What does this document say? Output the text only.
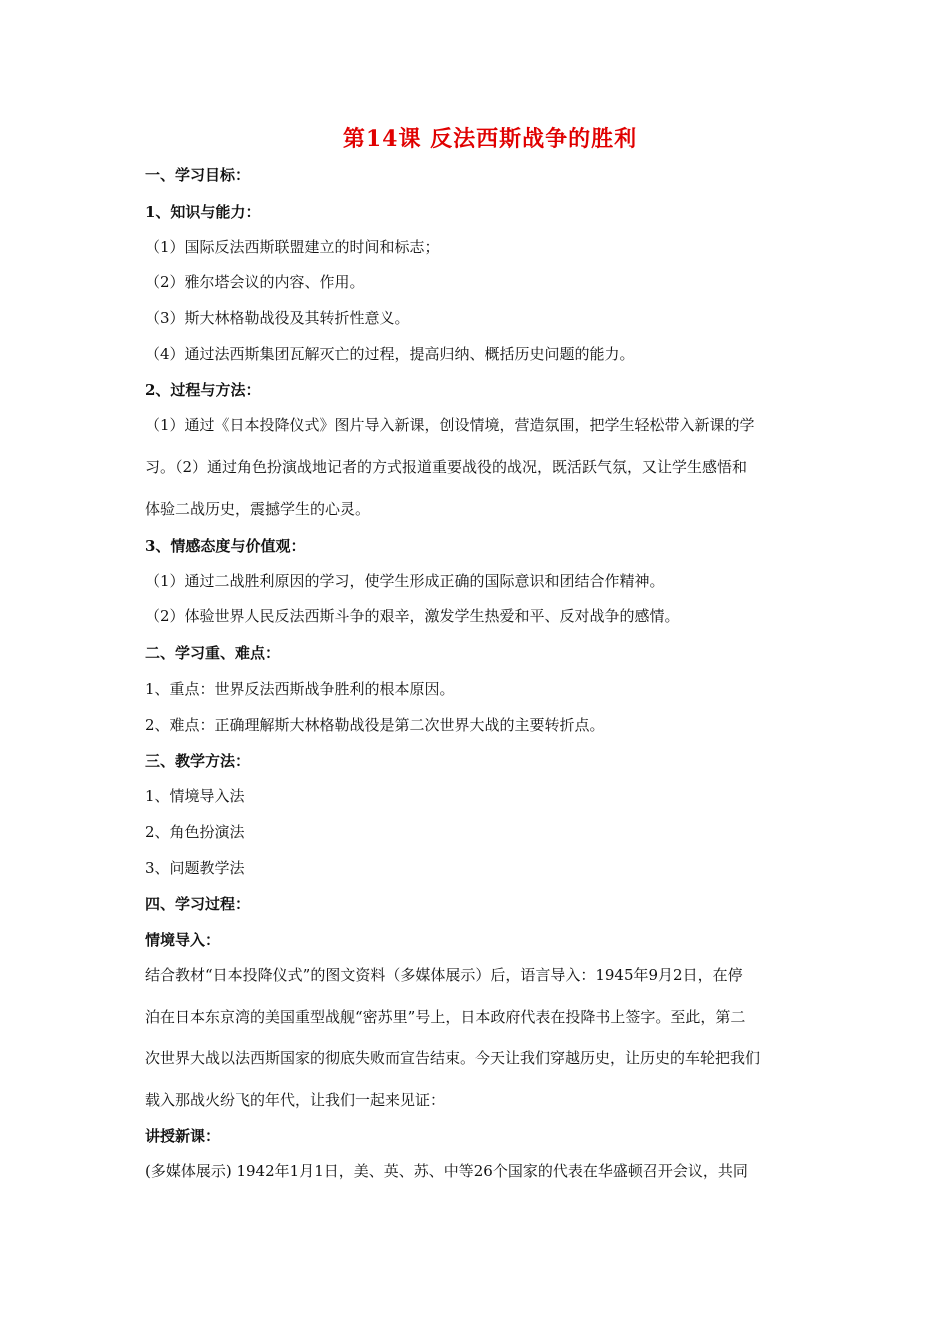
第14课 反法西斯战争的胜利
一、学习目标：
1、知识与能力：
（1）国际反法西斯联盟建立的时间和标志；
（2）雅尔塔会议的内容、作用。
（3）斯大林格勒战役及其转折性意义。
（4）通过法西斯集团瓦解灭亡的过程，提高归纳、概括历史问题的能力。
2、过程与方法：
（1）通过《日本投降仪式》图片导入新课，创设情境，营造氛围，把学生轻松带入新课的学
习。（2）通过角色扮演战地记者的方式报道重要战役的战况，既活跃气氛，又让学生感悟和
体验二战历史，震撼学生的心灵。
3、情感态度与价值观：
（1）通过二战胜利原因的学习，使学生形成正确的国际意识和团结合作精神。
（2）体验世界人民反法西斯斗争的艰辛，激发学生热爱和平、反对战争的感情。
二、学习重、难点：
1、重点：世界反法西斯战争胜利的根本原因。
2、难点：正确理解斯大林格勒战役是第二次世界大战的主要转折点。
三、教学方法：
1、情境导入法
2、角色扮演法
3、问题教学法
四、学习过程：
情境导入：
结合教材“日本投降仪式”的图文资料（多媒体展示）后，语言导入：1945年9月2日，在停
泊在日本东京湾的美国重型战舰“密苏里”号上，日本政府代表在投降书上签字。至此，第二
次世界大战以法西斯国家的彻底失败而宣告结束。今天让我们穿越历史，让历史的车轮把我们
载入那战火纷飞的年代，让我们一起来见证：
讲授新课：
(多媒体展示) 1942年1月1日，美、英、苏、中等26个国家的代表在华盛顿召开会议，共同
